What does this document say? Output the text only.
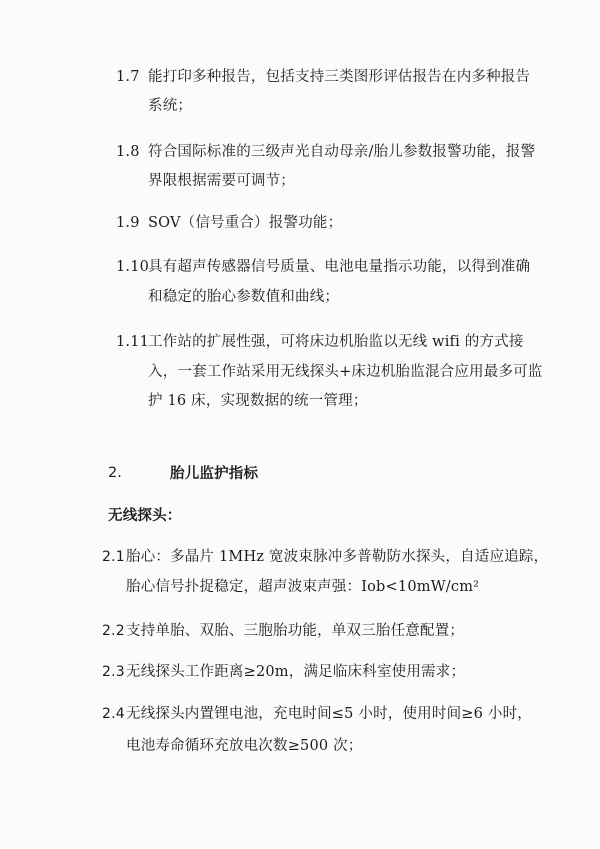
1.7 能打印多种报告，包括支持三类图形评估报告在内多种报告
系统；
1.8 符合国际标准的三级声光自动母亲/胎儿参数报警功能，报警
界限根据需要可调节；
1.9 SOV（信号重合）报警功能；
1.10具有超声传感器信号质量、电池电量指示功能，以得到准确
和稳定的胎心参数值和曲线；
1.11工作站的扩展性强，可将床边机胎监以无线 wifi 的方式接
入，一套工作站采用无线探头+床边机胎监混合应用最多可监
护 16 床，实现数据的统一管理；
2.	胎儿监护指标
无线探头：
2.1胎心：多晶片 1MHz 宽波束脉冲多普勒防水探头，自适应追踪，
胎心信号扑捉稳定，超声波束声强：Iob<10mW/cm²
2.2支持单胎、双胎、三胞胎功能，单双三胎任意配置；
2.3无线探头工作距离≥20m，满足临床科室使用需求；
2.4无线探头内置锂电池，充电时间≤5 小时，使用时间≥6 小时，
电池寿命循环充放电次数≥500 次；
